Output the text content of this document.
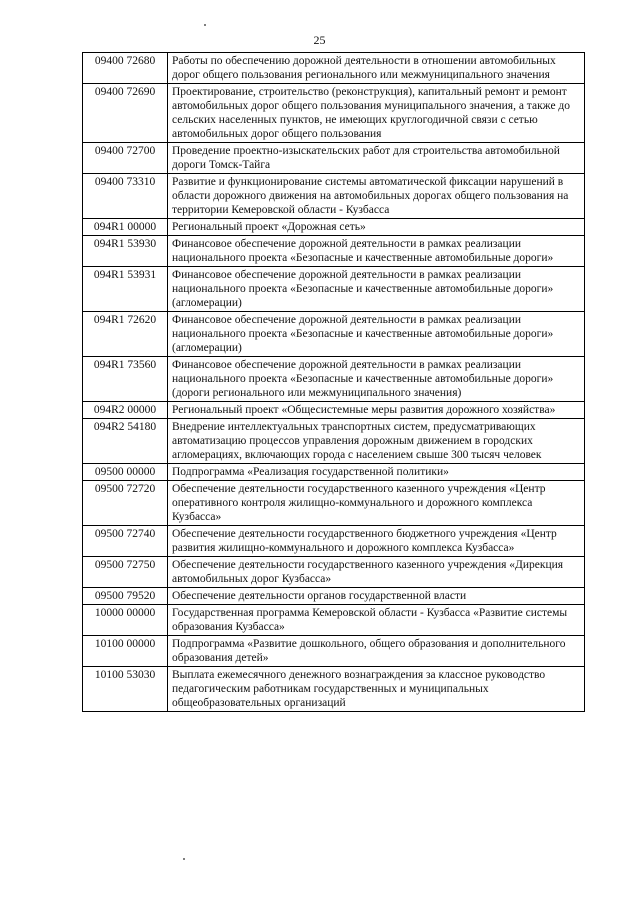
25
09400 72680	Работы по обеспечению дорожной деятельности в отношении автомобильных дорог общего пользования регионального или межмуниципального значения
09400 72690	Проектирование, строительство (реконструкция), капитальный ремонт и ремонт автомобильных дорог общего пользования муниципального значения, а также до сельских населенных пунктов, не имеющих круглогодичной связи с сетью автомобильных дорог общего пользования
09400 72700	Проведение проектно-изыскательских работ для строительства автомобильной дороги Томск-Тайга
09400 73310	Развитие и функционирование системы автоматической фиксации нарушений в области дорожного движения на автомобильных дорогах общего пользования на территории Кемеровской области - Кузбасса
094R1 00000	Региональный проект «Дорожная сеть»
094R1 53930	Финансовое обеспечение дорожной деятельности в рамках реализации национального проекта «Безопасные и качественные автомобильные дороги»
094R1 53931	Финансовое обеспечение дорожной деятельности в рамках реализации национального проекта «Безопасные и качественные автомобильные дороги» (агломерации)
094R1 72620	Финансовое обеспечение дорожной деятельности в рамках реализации национального проекта «Безопасные и качественные автомобильные дороги» (агломерации)
094R1 73560	Финансовое обеспечение дорожной деятельности в рамках реализации национального проекта «Безопасные и качественные автомобильные дороги» (дороги регионального или межмуниципального значения)
094R2 00000	Региональный проект «Общесистемные меры развития дорожного хозяйства»
094R2 54180	Внедрение интеллектуальных транспортных систем, предусматривающих автоматизацию процессов управления дорожным движением в городских агломерациях, включающих города с населением свыше 300 тысяч человек
09500 00000	Подпрограмма «Реализация государственной политики»
09500 72720	Обеспечение деятельности государственного казенного учреждения «Центр оперативного контроля жилищно-коммунального и дорожного комплекса Кузбасса»
09500 72740	Обеспечение деятельности государственного бюджетного учреждения «Центр развития жилищно-коммунального и дорожного комплекса Кузбасса»
09500 72750	Обеспечение деятельности государственного казенного учреждения «Дирекция автомобильных дорог Кузбасса»
09500 79520	Обеспечение деятельности органов государственной власти
10000 00000	Государственная программа Кемеровской области - Кузбасса «Развитие системы образования Кузбасса»
10100 00000	Подпрограмма «Развитие дошкольного, общего образования и дополнительного образования детей»
10100 53030	Выплата ежемесячного денежного вознаграждения за классное руководство педагогическим работникам государственных и муниципальных общеобразовательных организаций
